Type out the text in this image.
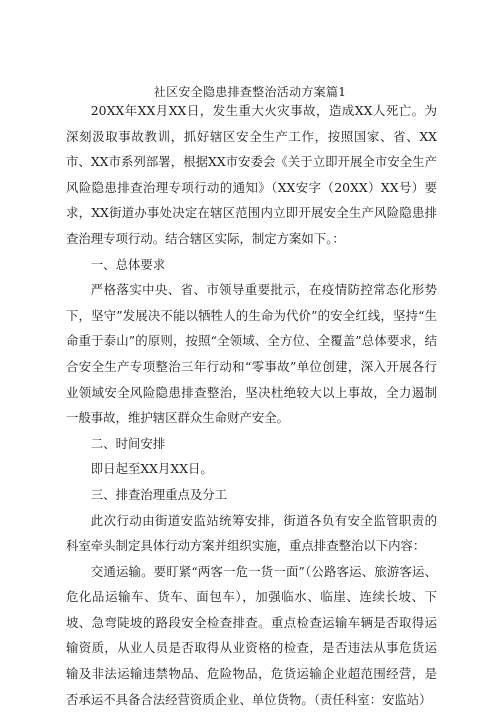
社区安全隐患排查整治活动方案篇1

20XX年XX月XX日，发生重大火灾事故，造成XX人死亡。为深刻汲取事故教训，抓好辖区安全生产工作，按照国家、省、XX市、XX市系列部署，根据XX市安委会《关于立即开展全市安全生产风险隐患排查治理专项行动的通知》（XX安字（20XX）XX号）要求，XX街道办事处决定在辖区范围内立即开展安全生产风险隐患排查治理专项行动。结合辖区实际，制定方案如下。：

一、总体要求

严格落实中央、省、市领导重要批示，在疫情防控常态化形势下，坚守”发展决不能以牺牲人的生命为代价”的安全红线，坚持“生命重于泰山”的原则，按照“全领域、全方位、全覆盖”总体要求，结合安全生产专项整治三年行动和“零事故”单位创建，深入开展各行业领域安全风险隐患排查整治，坚决杜绝较大以上事故，全力遏制一般事故，维护辖区群众生命财产安全。

二、时间安排

即日起至XX月XX日。

三、排查治理重点及分工

此次行动由街道安监站统筹安排，街道各负有安全监管职责的科室牵头制定具体行动方案并组织实施，重点排查整治以下内容：

交通运输。要盯紧“两客一危一货一面”（公路客运、旅游客运、危化品运输车、货车、面包车），加强临水、临崖、连续长坡、下坡、急弯陡坡的路段安全检查排查。重点检查运输车辆是否取得运输资质，从业人员是否取得从业资格的检查，是否违法从事危货运输及非法运输违禁物品、危险物品，危货运输企业超范围经营，是否承运不具备合法经营资质企业、单位货物。（责任科室：安监站）
